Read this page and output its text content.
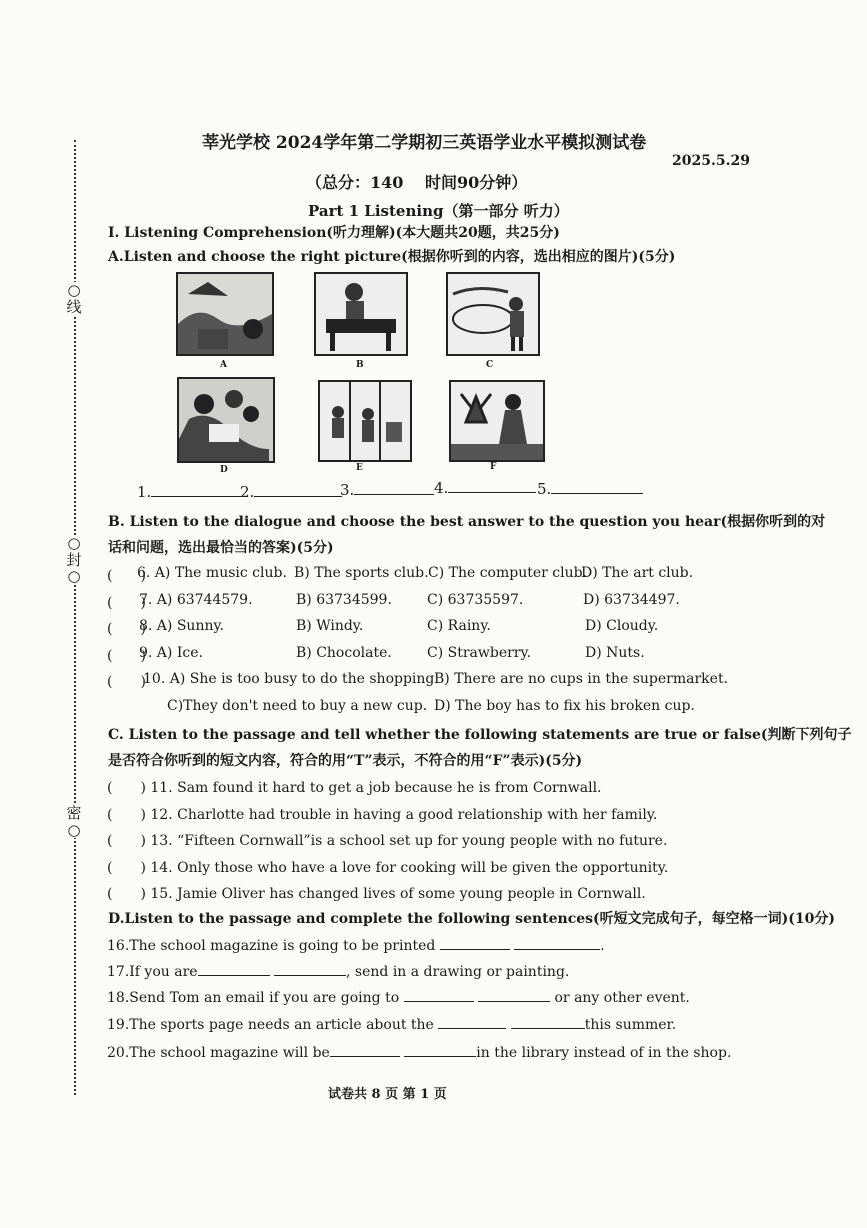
○线
○封○
密○
莘光学校 2024学年第二学期初三英语学业水平模拟测试卷
2025.5.29
（总分：140　 时间90分钟）
Part 1 Listening（第一部分 听力）
I. Listening Comprehension(听力理解)(本大题共20题，共25分)
A.Listen and choose the right picture(根据你听到的内容，选出相应的图片)(5分)
A	B	C
D	E	F
1.	2.	3.	4.	5.
B. Listen to the dialogue and choose the best answer to the question you hear(根据你听到的对
话和问题，选出最恰当的答案)(5分)
(　　)
6. A) The music club. B) The sports club. C) The computer club.
D) The art club.
(　　)
7. A) 63744579.	B) 63734599.	C) 63735597.	D) 63734497.
(　　)
8. A) Sunny.	B) Windy.	C) Rainy.	D) Cloudy.
(　　)
9. A) Ice.	B) Chocolate.	C) Strawberry.	D) Nuts.
(　　)
10. A) She is too busy to do the shopping B) There are no cups in the supermarket.
C)They don't need to buy a new cup. D) The boy has to fix his broken cup.
C. Listen to the passage and tell whether the following statements are true or false(判断下列句子
是否符合你听到的短文内容，符合的用“T”表示，不符合的用“F”表示)(5分)
(　　) 11. Sam found it hard to get a job because he is from Cornwall.
(　　) 12. Charlotte had trouble in having a good relationship with her family.
(　　) 13. “Fifteen Cornwall”is a school set up for young people with no future.
(　　) 14. Only those who have a love for cooking will be given the opportunity.
(　　) 15. Jamie Oliver has changed lives of some young people in Cornwall.
D.Listen to the passage and complete the following sentences(听短文完成句子，每空格一词)(10分)
16.The school magazine is going to be printed	.
17.If you are	, send in a drawing or painting.
18.Send Tom an email if you are going to	or any other event.
19.The sports page needs an article about the	this summer.
20.The school magazine will be	in the library instead of in the shop.
试卷共 8 页 第 1 页
